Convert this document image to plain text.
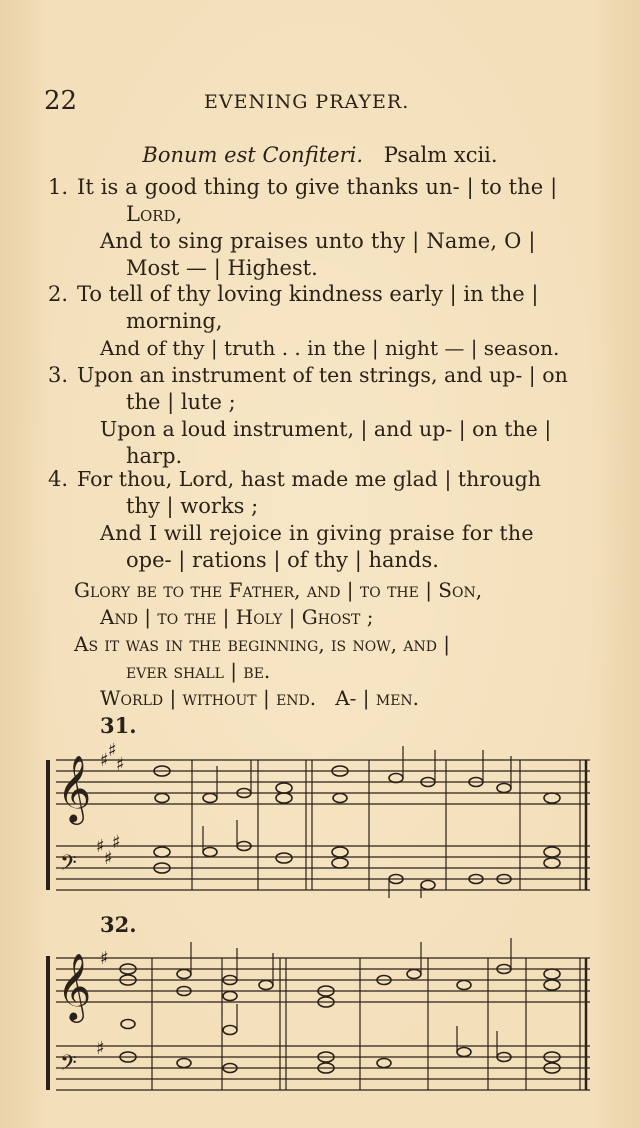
22	EVENING PRAYER.
Bonum est Confiteri. Psalm xcii.
1. It is a good thing to give thanks un- | to the |
Lord,
And to sing praises unto thy | Name, O |
Most — | Highest.
2. To tell of thy loving kindness early | in the |
morning,
And of thy | truth . . in the | night — | season.
3. Upon an instrument of ten strings, and up- | on
the | lute ;
Upon a loud instrument, | and up- | on the |
harp.
4. For thou, Lord, hast made me glad | through
thy | works ;
And I will rejoice in giving praise for the
ope- | rations | of thy | hands.
Glory be to the Father, and | to the | Son,
And | to the | Holy | Ghost ;
As it was in the beginning, is now, and |
ever shall | be.
World | without | end.   A- | men.
31.
𝄞
𝄢
♯ ♯
♯
♯
♯
♯
32.
𝄞
𝄢
♯
♯
